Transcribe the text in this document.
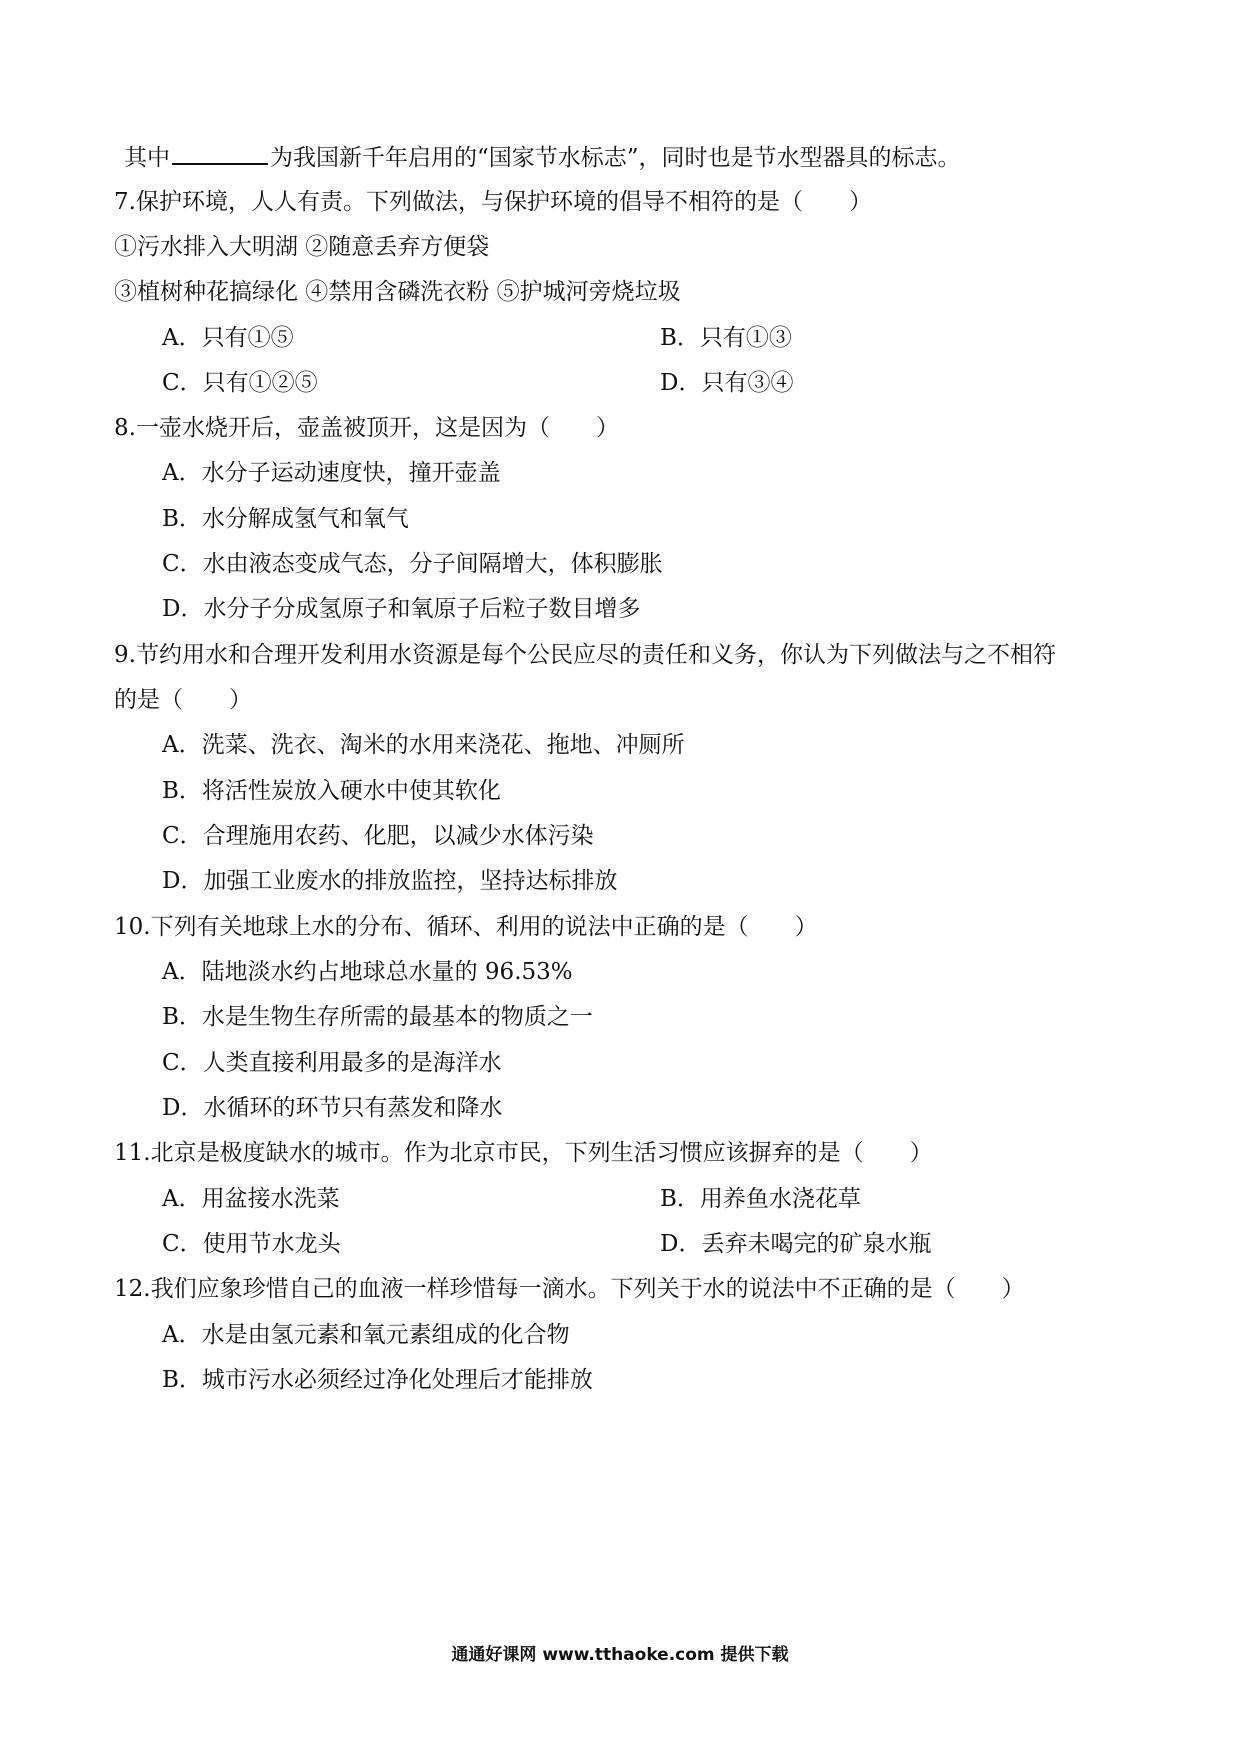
其中	为我国新千年启用的“国家节水标志”，同时也是节水型器具的标志。
7.保护环境，人人有责。下列做法，与保护环境的倡导不相符的是（　　）
①污水排入大明湖 ②随意丢弃方便袋
③植树种花搞绿化 ④禁用含磷洗衣粉 ⑤护城河旁烧垃圾
A．只有①⑤	B．只有①③
C．只有①②⑤	D．只有③④
8.一壶水烧开后，壶盖被顶开，这是因为（　　）
A．水分子运动速度快，撞开壶盖
B．水分解成氢气和氧气
C．水由液态变成气态，分子间隔增大，体积膨胀
D．水分子分成氢原子和氧原子后粒子数目增多
9.节约用水和合理开发利用水资源是每个公民应尽的责任和义务，你认为下列做法与之不相符
的是（　　）
A．洗菜、洗衣、淘米的水用来浇花、拖地、冲厕所
B．将活性炭放入硬水中使其软化
C．合理施用农药、化肥，以减少水体污染
D．加强工业废水的排放监控，坚持达标排放
10.下列有关地球上水的分布、循环、利用的说法中正确的是（　　）
A．陆地淡水约占地球总水量的 96.53%
B．水是生物生存所需的最基本的物质之一
C．人类直接利用最多的是海洋水
D．水循环的环节只有蒸发和降水
11.北京是极度缺水的城市。作为北京市民，下列生活习惯应该摒弃的是（　　）
A．用盆接水洗菜	B．用养鱼水浇花草
C．使用节水龙头	D．丢弃未喝完的矿泉水瓶
12.我们应象珍惜自己的血液一样珍惜每一滴水。下列关于水的说法中不正确的是（　　）
A．水是由氢元素和氧元素组成的化合物
B．城市污水必须经过净化处理后才能排放
通通好课网 www.tthaoke.com 提供下载
